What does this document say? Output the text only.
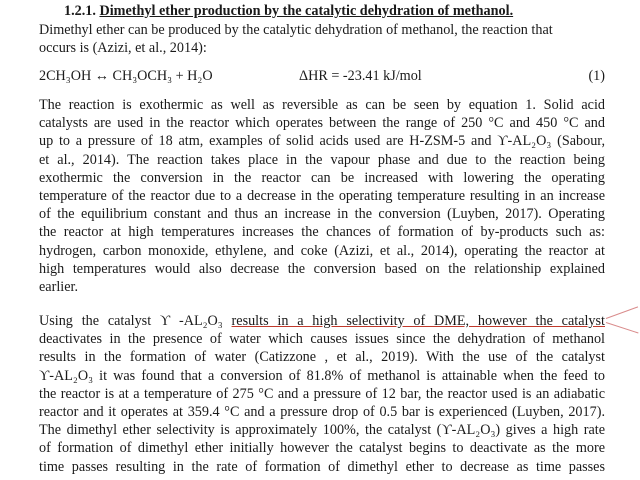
1.2.1. Dimethyl ether production by the catalytic dehydration of methanol.
Dimethyl ether can be produced by the catalytic dehydration of methanol, the reaction that
occurs is (Azizi, et al., 2014):
2CH₃OH ↔ CH₃OCH₃ + H₂O	ΔHR = -23.41 kJ/mol	(1)
The reaction is exothermic as well as reversible as can be seen by equation 1. Solid acid
catalysts are used in the reactor which operates between the range of 250 °C and 450 °C and
up to a pressure of 18 atm, examples of solid acids used are H-ZSM-5 and ϒ-AL₂O₃ (Sabour,
et al., 2014). The reaction takes place in the vapour phase and due to the reaction being
exothermic the conversion in the reactor can be increased with lowering the operating
temperature of the reactor due to a decrease in the operating temperature resulting in an increase
of the equilibrium constant and thus an increase in the conversion (Luyben, 2017). Operating
the reactor at high temperatures increases the chances of formation of by-products such as:
hydrogen, carbon monoxide, ethylene, and coke (Azizi, et al., 2014), operating the reactor at
high temperatures would also decrease the conversion based on the relationship explained
earlier.
Using the catalyst ϒ -AL₂O₃ results in a high selectivity of DME, however the catalyst
deactivates in the presence of water which causes issues since the dehydration of methanol
results in the formation of water (Catizzone , et al., 2019). With the use of the catalyst
ϒ-AL₂O₃ it was found that a conversion of 81.8% of methanol is attainable when the feed to
the reactor is at a temperature of 275 °C and a pressure of 12 bar, the reactor used is an adiabatic
reactor and it operates at 359.4 °C and a pressure drop of 0.5 bar is experienced (Luyben, 2017).
The dimethyl ether selectivity is approximately 100%, the catalyst (ϒ-AL₂O₃) gives a high rate
of formation of dimethyl ether initially however the catalyst begins to deactivate as the more
time passes resulting in the rate of formation of dimethyl ether to decrease as time passes
